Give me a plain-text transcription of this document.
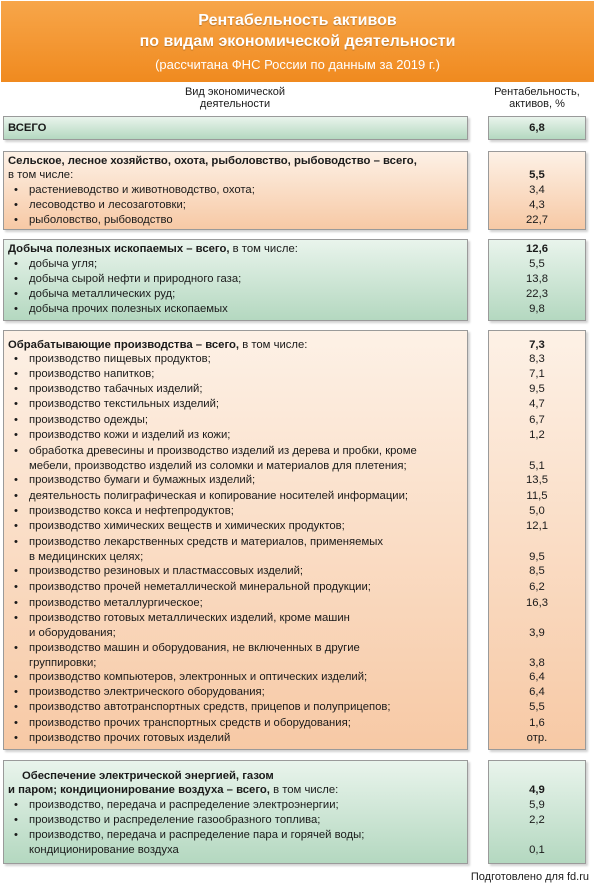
Рентабельность активов
по видам экономической деятельности
(рассчитана ФНС России по данным за 2019 г.)
Вид экономической
деятельности
Рентабельность,
активов, %
ВСЕГО	6,8
Сельское, лесное хозяйство, охота, рыболовство, рыбоводство – всего,
в том числе:	5,5
растениеводство и животноводство, охота;	3,4
лесоводство и лесозаготовки;	4,3
рыболовство, рыбоводство	22,7
Добыча полезных ископаемых – всего, в том числе:	12,6
добыча угля;	5,5
добыча сырой нефти и природного газа;	13,8
добыча металлических руд;	22,3
добыча прочих полезных ископаемых	9,8
Обрабатывающие производства – всего, в том числе:	7,3
производство пищевых продуктов;	8,3
производство напитков;	7,1
производство табачных изделий;	9,5
производство текстильных изделий;	4,7
производство одежды;	6,7
производство кожи и изделий из кожи;	1,2
обработка древесины и производство изделий из дерева и пробки, кроме
мебели, производство изделий из соломки и материалов для плетения;	5,1
производство бумаги и бумажных изделий;	13,5
деятельность полиграфическая и копирование носителей информации;	11,5
производство кокса и нефтепродуктов;	5,0
производство химических веществ и химических продуктов;	12,1
производство лекарственных средств и материалов, применяемых
в медицинских целях;	9,5
производство резиновых и пластмассовых изделий;	8,5
производство прочей неметаллической минеральной продукции;	6,2
производство металлургическое;	16,3
производство готовых металлических изделий, кроме машин
и оборудования;	3,9
производство машин и оборудования, не включенных в другие
группировки;	3,8
производство компьютеров, электронных и оптических изделий;	6,4
производство электрического оборудования;	6,4
производство автотранспортных средств, прицепов и полуприцепов;	5,5
производство прочих транспортных средств и оборудования;	1,6
производство прочих готовых изделий	отр.
Обеспечение электрической энергией, газом
и паром; кондиционирование воздуха – всего, в том числе:	4,9
производство, передача и распределение электроэнергии;	5,9
производство и распределение газообразного топлива;	2,2
производство, передача и распределение пара и горячей воды;
кондиционирование воздуха	0,1
Подготовлено для fd.ru
